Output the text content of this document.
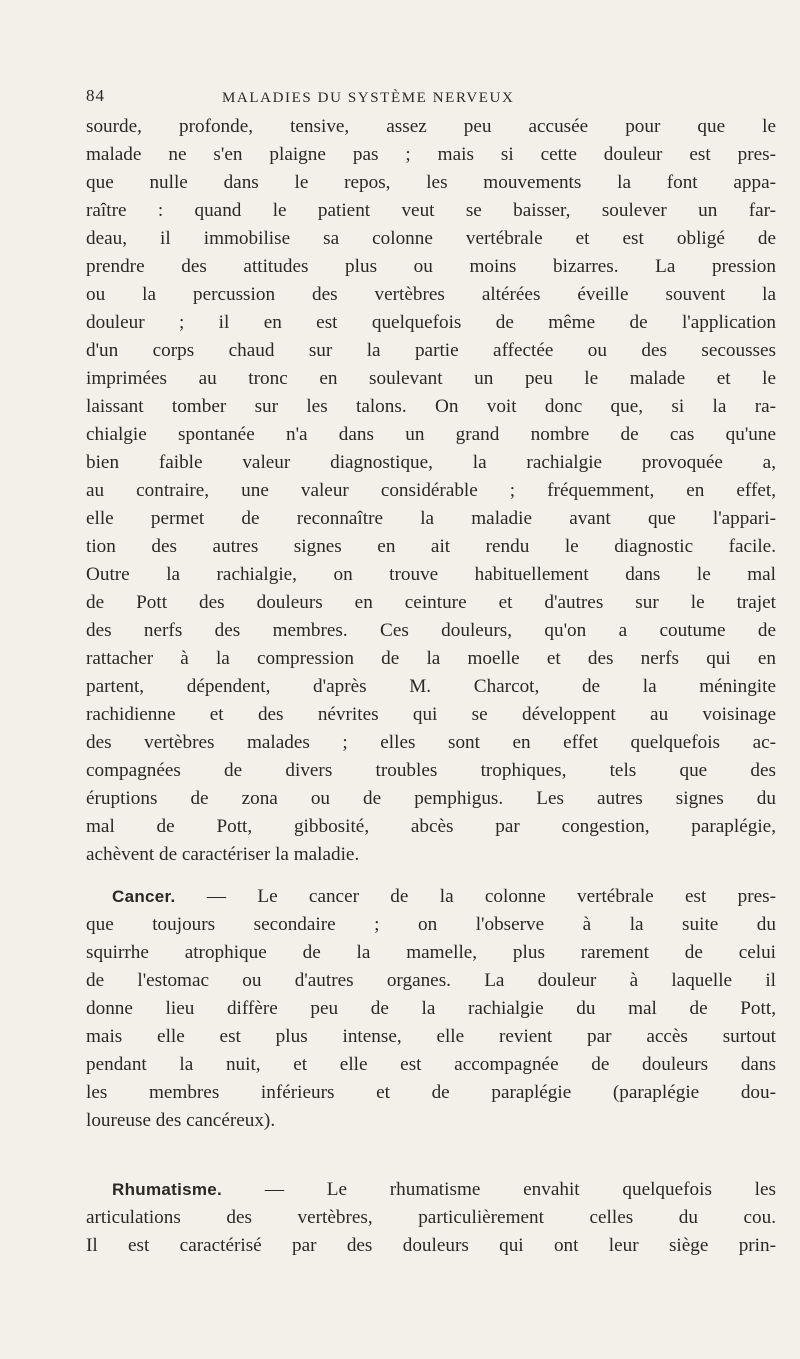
84	MALADIES DU SYSTÈME NERVEUX
sourde, profonde, tensive, assez peu accusée pour que le
malade ne s'en plaigne pas ; mais si cette douleur est pres-
que nulle dans le repos, les mouvements la font appa-
raître : quand le patient veut se baisser, soulever un far-
deau, il immobilise sa colonne vertébrale et est obligé de
prendre des attitudes plus ou moins bizarres. La pression
ou la percussion des vertèbres altérées éveille souvent la
douleur ; il en est quelquefois de même de l'application
d'un corps chaud sur la partie affectée ou des secousses
imprimées au tronc en soulevant un peu le malade et le
laissant tomber sur les talons. On voit donc que, si la ra-
chialgie spontanée n'a dans un grand nombre de cas qu'une
bien faible valeur diagnostique, la rachialgie provoquée a,
au contraire, une valeur considérable ; fréquemment, en effet,
elle permet de reconnaître la maladie avant que l'appari-
tion des autres signes en ait rendu le diagnostic facile.
Outre la rachialgie, on trouve habituellement dans le mal
de Pott des douleurs en ceinture et d'autres sur le trajet
des nerfs des membres. Ces douleurs, qu'on a coutume de
rattacher à la compression de la moelle et des nerfs qui en
partent, dépendent, d'après M. Charcot, de la méningite
rachidienne et des névrites qui se développent au voisinage
des vertèbres malades ; elles sont en effet quelquefois ac-
compagnées de divers troubles trophiques, tels que des
éruptions de zona ou de pemphigus. Les autres signes du
mal de Pott, gibbosité, abcès par congestion, paraplégie,
achèvent de caractériser la maladie.
Cancer. — Le cancer de la colonne vertébrale est pres-
que toujours secondaire ; on l'observe à la suite du
squirrhe atrophique de la mamelle, plus rarement de celui
de l'estomac ou d'autres organes. La douleur à laquelle il
donne lieu diffère peu de la rachialgie du mal de Pott,
mais elle est plus intense, elle revient par accès surtout
pendant la nuit, et elle est accompagnée de douleurs dans
les membres inférieurs et de paraplégie (paraplégie dou-
loureuse des cancéreux).
Rhumatisme. — Le rhumatisme envahit quelquefois les
articulations des vertèbres, particulièrement celles du cou.
Il est caractérisé par des douleurs qui ont leur siège prin-
